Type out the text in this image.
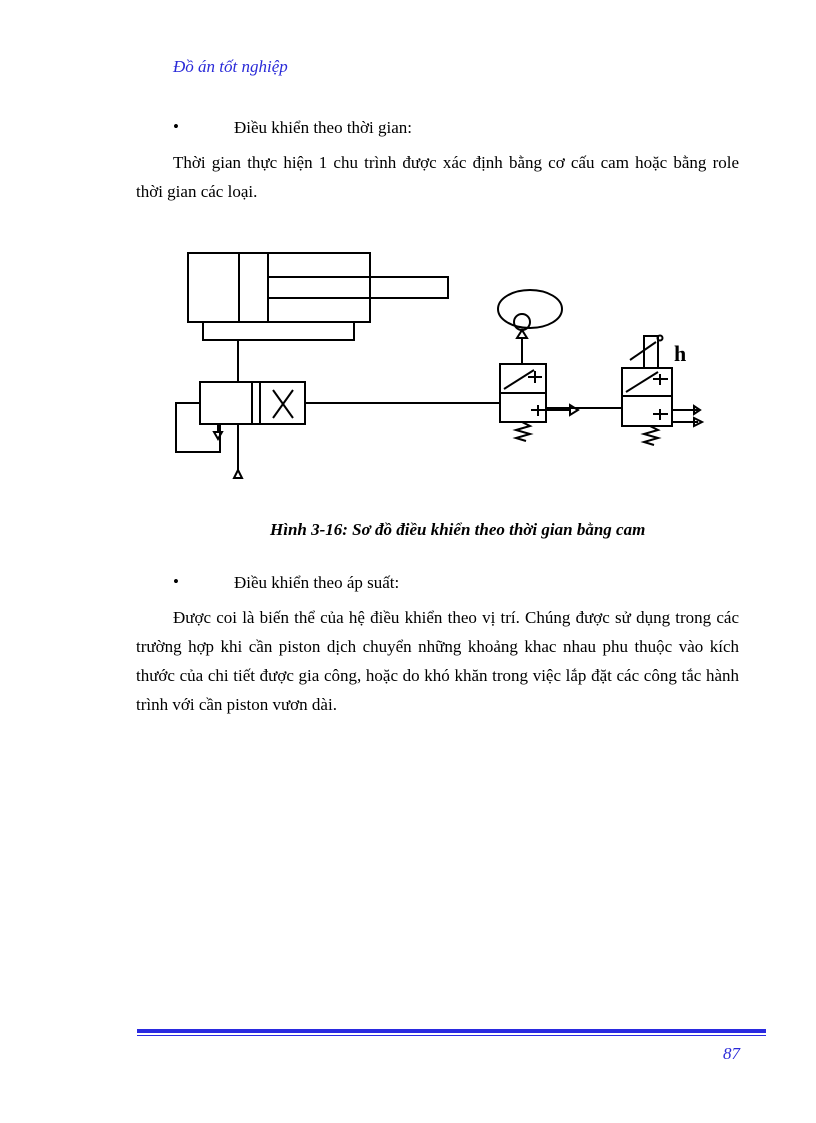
Đồ án tốt nghiệp
•	Điều khiển theo thời gian:

Thời gian thực hiện 1 chu trình được xác định bằng cơ cấu cam hoặc bằng role thời gian các loại.

h
Hình 3-16: Sơ đồ điều khiển theo thời gian bằng cam
•	Điều khiển theo áp suất:

Được coi là biến thể của hệ điều khiển theo vị trí. Chúng được sử dụng trong các trường hợp khi cần piston dịch chuyển những khoảng khac nhau phu thuộc vào kích thước của chi tiết được gia công, hoặc do khó khăn trong việc lắp đặt các công tắc hành trình với cần piston vươn dài.

87
